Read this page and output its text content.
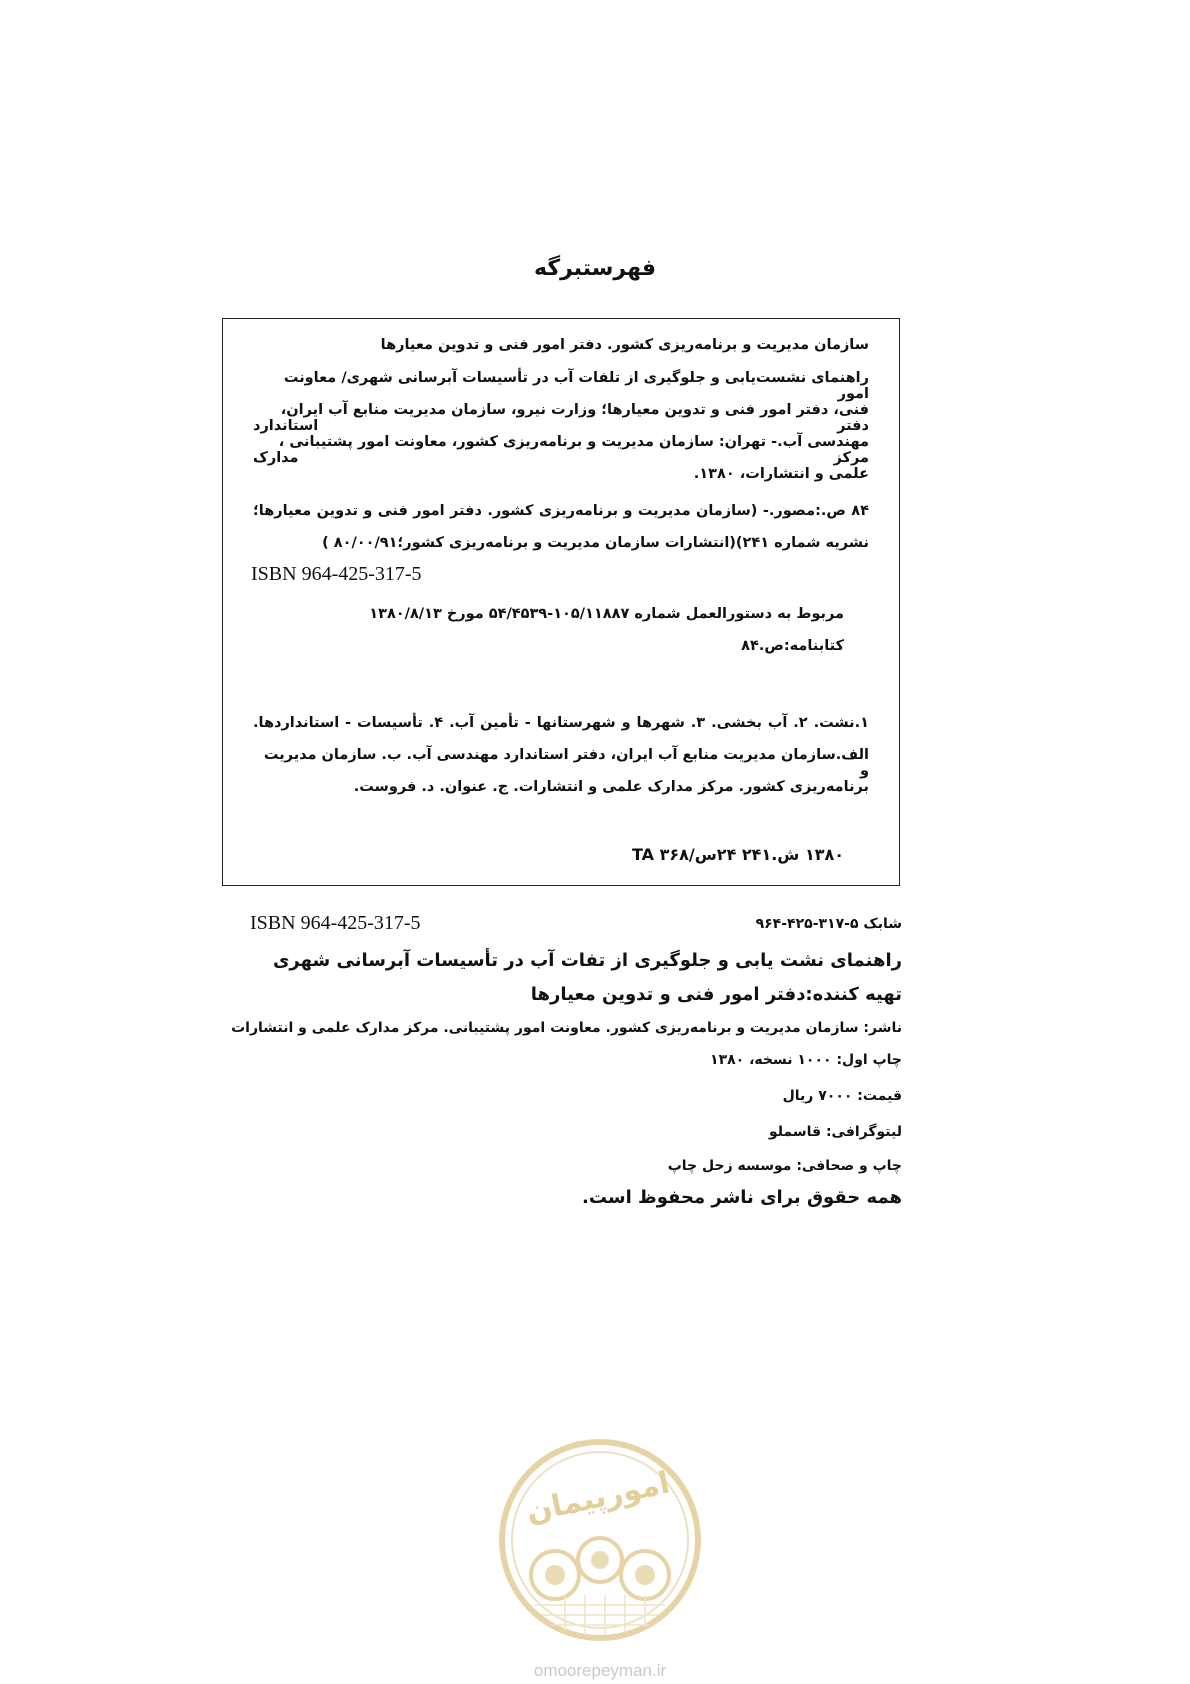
فهرستبرگه
سازمان مدیریت و برنامه‌ریزی کشور. دفتر امور فنی و تدوین معیارها
راهنمای نشست‌یابی و جلوگیری از تلفات آب در تأسیسات آبرسانی شهری/ معاونت امور
فنی، دفتر امور فنی و تدوین معیارها؛ وزارت نیرو، سازمان مدیریت منابع آب ایران، دفتر استاندارد
مهندسی آب.- تهران: سازمان مدیریت و برنامه‌ریزی کشور، معاونت امور پشتیبانی ، مرکز مدارک
علمی و انتشارات، ۱۳۸۰.
۸۴ ص.:مصور.- (سازمان مدیریت و برنامه‌ریزی کشور. دفتر امور فنی و تدوین معیارها؛
نشریه شماره ۲۴۱)(انتشارات سازمان مدیریت و برنامه‌ریزی کشور؛۸۰/۰۰/۹۱ )
ISBN 964-425-317-5
مربوط به دستورالعمل شماره ۱۰۵/۱۱۸۸۷-۵۴/۴۵۳۹ مورخ ۱۳۸۰/۸/۱۳
کتابنامه:ص.۸۴
۱.نشت. ۲. آب بخشی. ۳. شهرها و شهرستانها - تأمین آب. ۴. تأسیسات - استانداردها.
الف.سازمان مدیریت منابع آب ایران، دفتر استاندارد مهندسی آب. ب. سازمان مدیریت و
برنامه‌ریزی کشور. مرکز مدارک علمی و انتشارات. ج. عنوان. د. فروست.
۱۳۸۰ ش.۲۴۱ ۲۴س/۳۶۸ TA
ISBN 964-425-317-5	شابک ۵-۳۱۷-۴۲۵-۹۶۴
راهنمای نشت یابی و جلوگیری از تفات آب در تأسیسات آبرسانی شهری
تهیه کننده:دفتر امور فنی و تدوین معیارها
ناشر: سازمان مدیریت و برنامه‌ریزی کشور. معاونت امور پشتیبانی. مرکز مدارک علمی و انتشارات
چاپ اول: ۱۰۰۰ نسخه، ۱۳۸۰
قیمت: ۷۰۰۰ ریال
لیتوگرافی: قاسملو
چاپ و صحافی: موسسه زحل چاپ
همه حقوق برای ناشر محفوظ است.
امورپیمان
omoorepeyman.ir
